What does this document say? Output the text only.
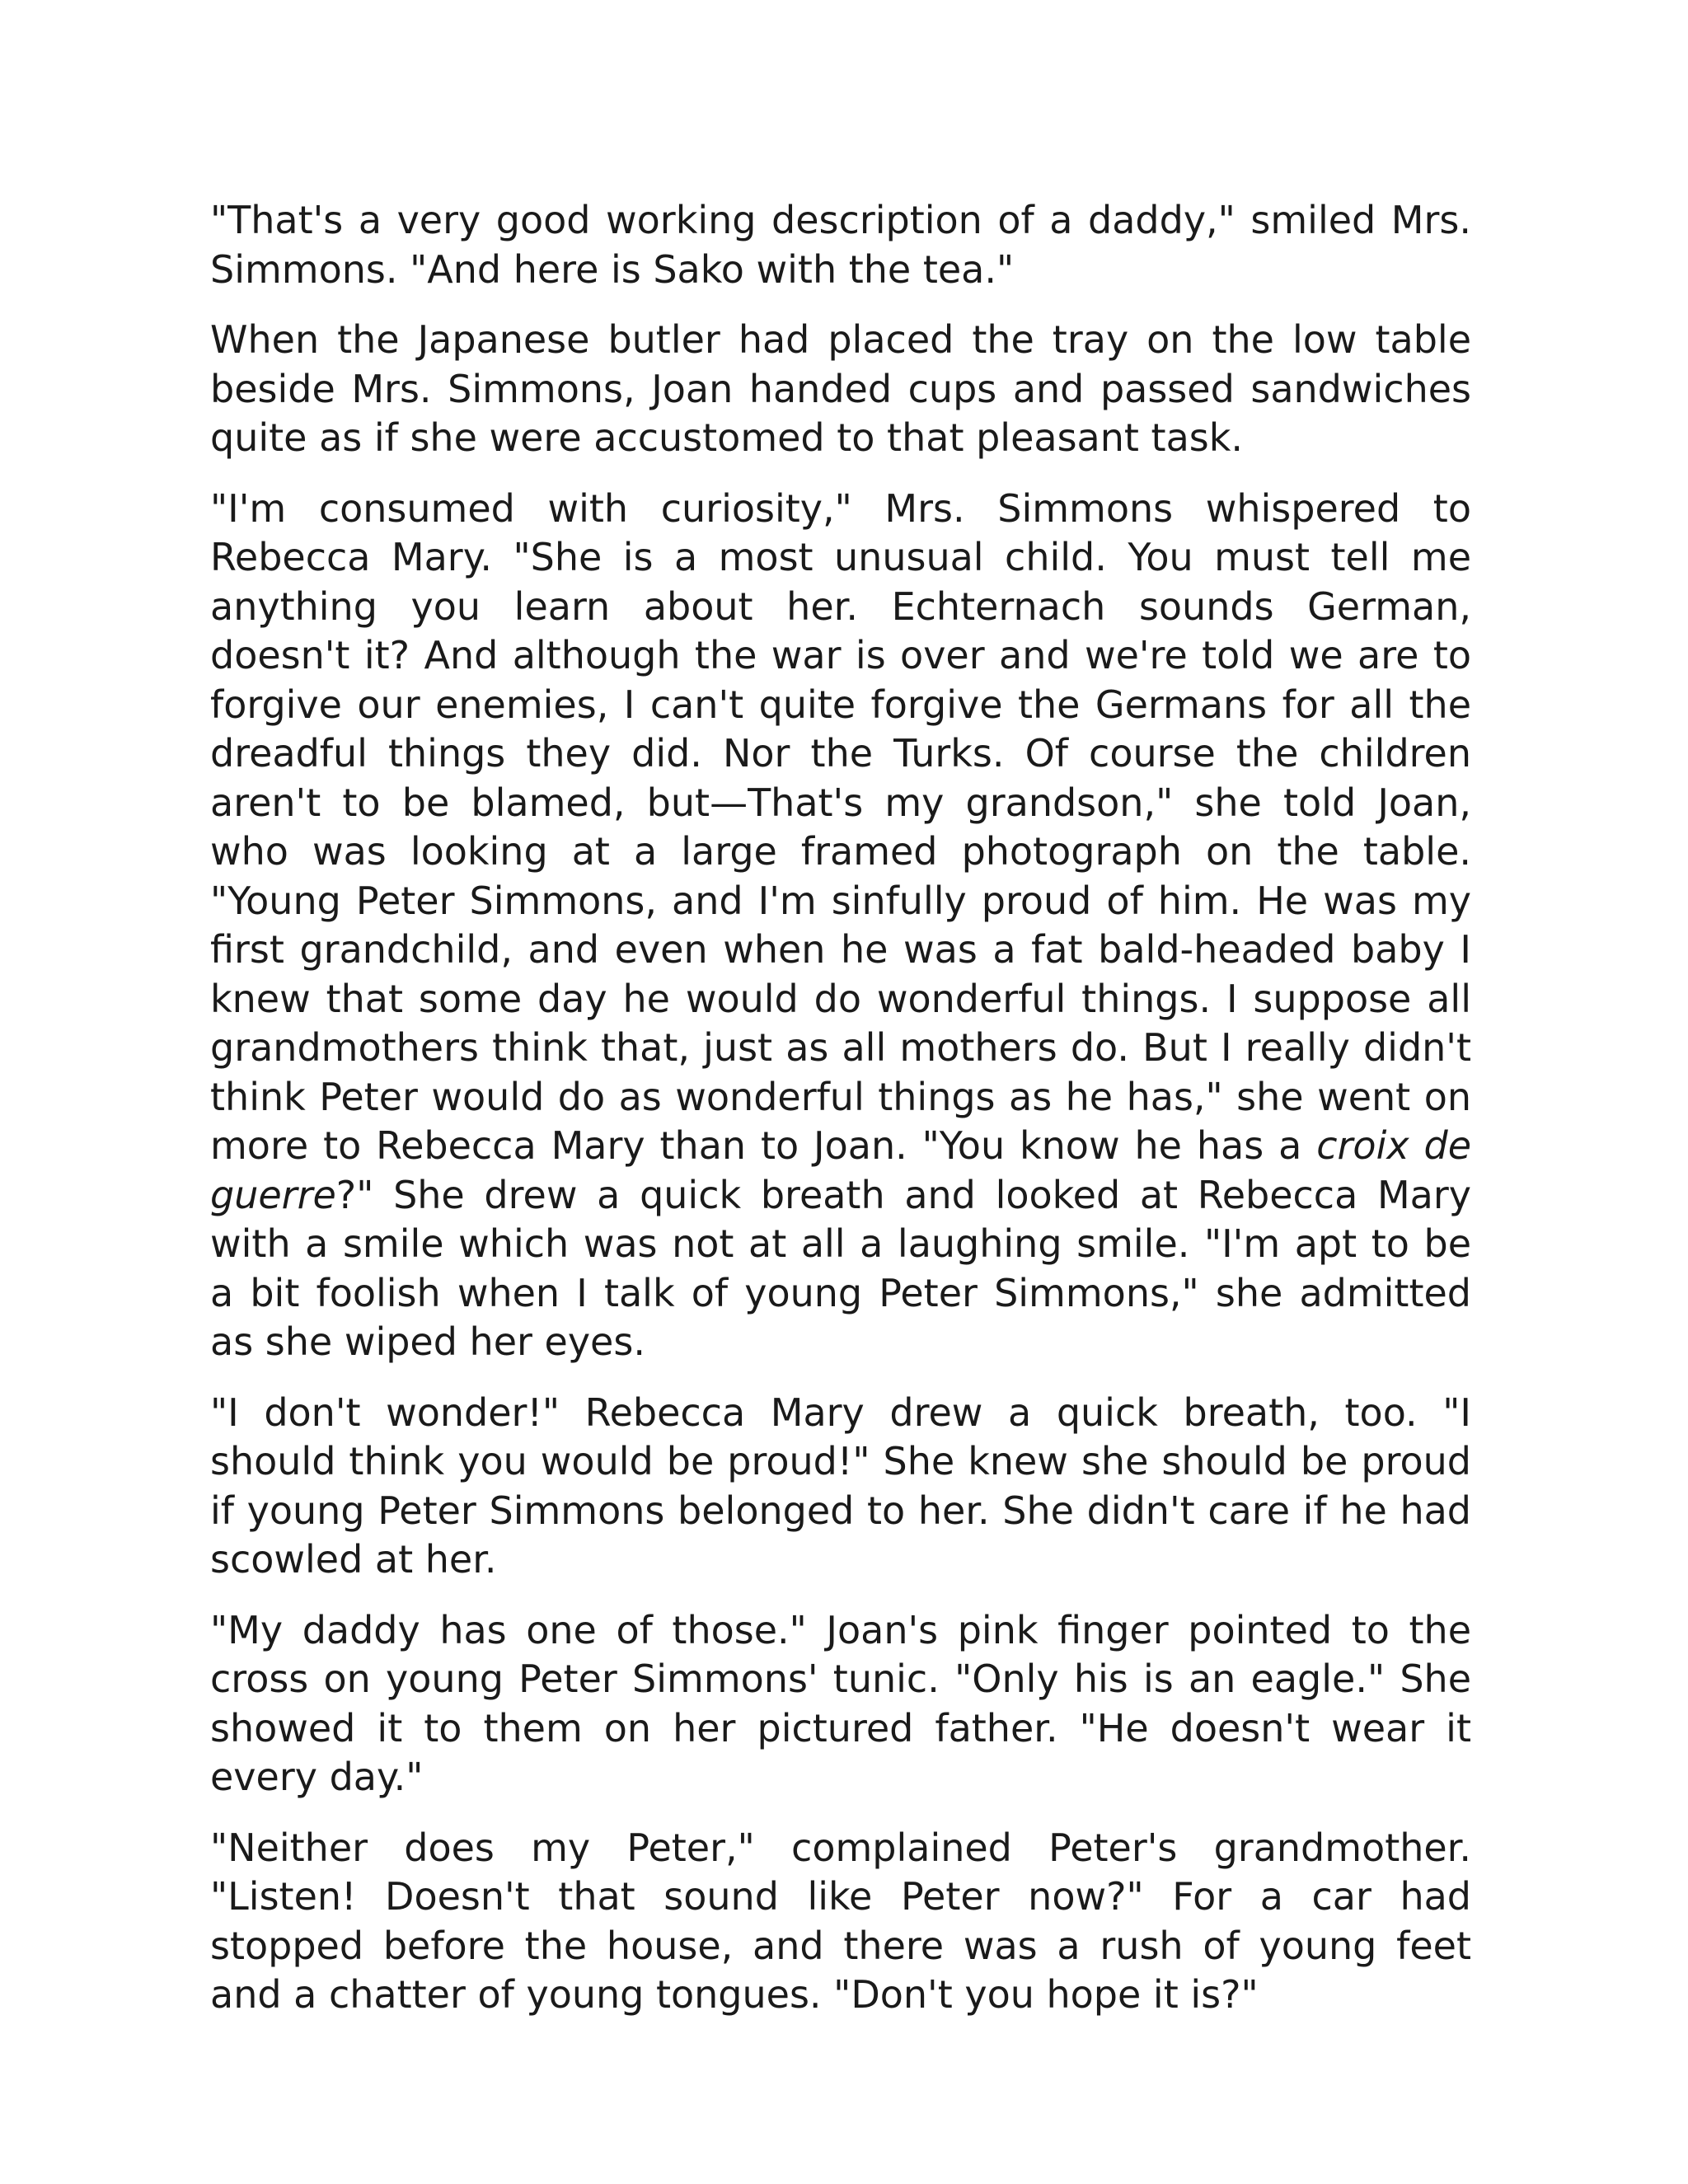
"That's a very good working description of a daddy," smiled Mrs. Simmons. "And here is Sako with the tea."

When the Japanese butler had placed the tray on the low table beside Mrs. Simmons, Joan handed cups and passed sandwiches quite as if she were accustomed to that pleasant task.

"I'm consumed with curiosity," Mrs. Simmons whispered to Rebecca Mary. "She is a most unusual child. You must tell me anything you learn about her. Echternach sounds German, doesn't it? And although the war is over and we're told we are to forgive our enemies, I can't quite forgive the Germans for all the dreadful things they did. Nor the Turks. Of course the children aren't to be blamed, but—That's my grandson," she told Joan, who was looking at a large framed photograph on the table. "Young Peter Simmons, and I'm sinfully proud of him. He was my first grandchild, and even when he was a fat bald-headed baby I knew that some day he would do wonderful things. I suppose all grandmothers think that, just as all mothers do. But I really didn't think Peter would do as wonderful things as he has," she went on more to Rebecca Mary than to Joan. "You know he has a croix de guerre?" She drew a quick breath and looked at Rebecca Mary with a smile which was not at all a laughing smile. "I'm apt to be a bit foolish when I talk of young Peter Simmons," she admitted as she wiped her eyes.

"I don't wonder!" Rebecca Mary drew a quick breath, too. "I should think you would be proud!" She knew she should be proud if young Peter Simmons belonged to her. She didn't care if he had scowled at her.

"My daddy has one of those." Joan's pink finger pointed to the cross on young Peter Simmons' tunic. "Only his is an eagle." She showed it to them on her pictured father. "He doesn't wear it every day."

"Neither does my Peter," complained Peter's grandmother. "Listen! Doesn't that sound like Peter now?" For a car had stopped before the house, and there was a rush of young feet and a chatter of young tongues. "Don't you hope it is?"
